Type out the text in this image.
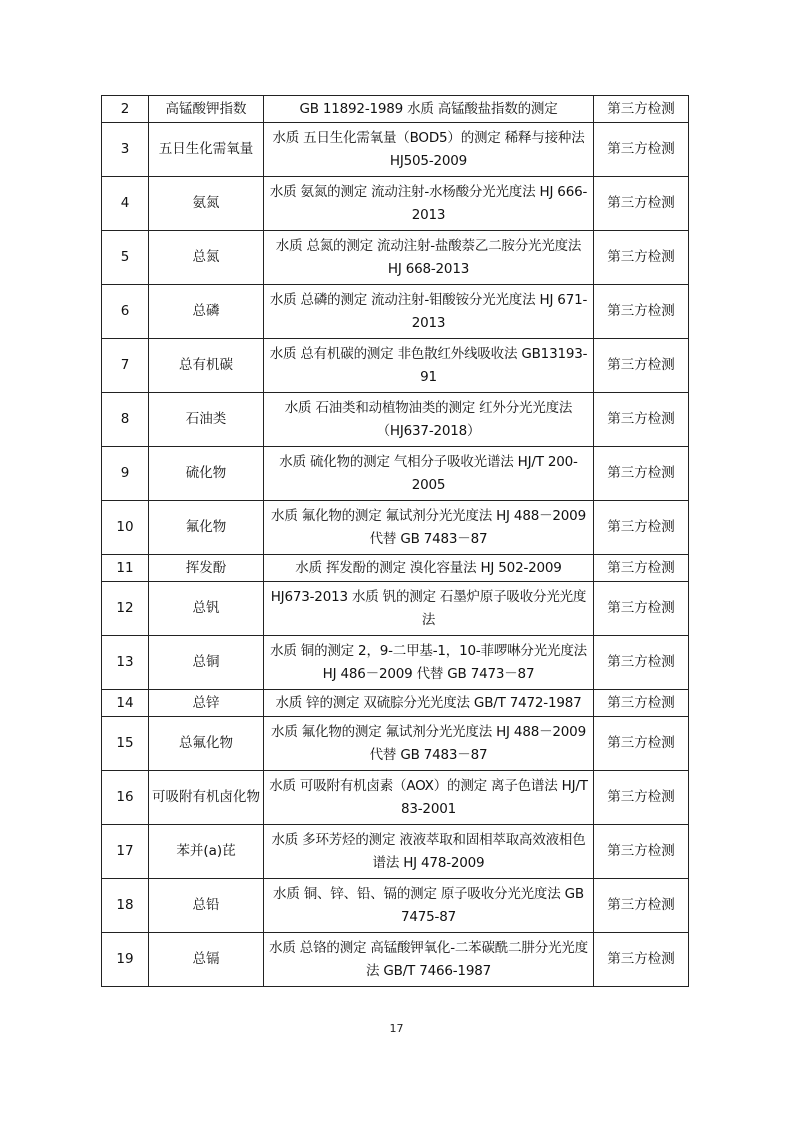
2	高锰酸钾指数	GB 11892-1989 水质 高锰酸盐指数的测定	第三方检测
3	五日生化需氧量	水质 五日生化需氧量（BOD5）的测定 稀释与接种法 HJ505-2009	第三方检测
4	氨氮	水质 氨氮的测定 流动注射-水杨酸分光光度法 HJ 666-2013	第三方检测
5	总氮	水质 总氮的测定 流动注射-盐酸萘乙二胺分光光度法 HJ 668-2013	第三方检测
6	总磷	水质 总磷的测定 流动注射-钼酸铵分光光度法 HJ 671-2013	第三方检测
7	总有机碳	水质 总有机碳的测定 非色散红外线吸收法 GB13193-91	第三方检测
8	石油类	水质 石油类和动植物油类的测定 红外分光光度法 （HJ637-2018）	第三方检测
9	硫化物	水质 硫化物的测定 气相分子吸收光谱法 HJ/T 200-2005	第三方检测
10	氟化物	水质 氟化物的测定 氟试剂分光光度法 HJ 488－2009 代替 GB 7483－87	第三方检测
11	挥发酚	水质 挥发酚的测定 溴化容量法 HJ 502-2009	第三方检测
12	总钒	HJ673-2013 水质 钒的测定 石墨炉原子吸收分光光度法	第三方检测
13	总铜	水质 铜的测定 2，9-二甲基-1，10-菲啰啉分光光度法 HJ 486－2009 代替 GB 7473－87	第三方检测
14	总锌	水质 锌的测定 双硫腙分光光度法 GB/T 7472-1987	第三方检测
15	总氟化物	水质 氟化物的测定 氟试剂分光光度法 HJ 488－2009 代替 GB 7483－87	第三方检测
16	可吸附有机卤化物	水质 可吸附有机卤素（AOX）的测定 离子色谱法 HJ/T 83-2001	第三方检测
17	苯并(a)芘	水质 多环芳烃的测定 液液萃取和固相萃取高效液相色谱法 HJ 478-2009	第三方检测
18	总铅	水质 铜、锌、铅、镉的测定 原子吸收分光光度法 GB 7475-87	第三方检测
19	总镉	水质 总铬的测定 高锰酸钾氧化-二苯碳酰二肼分光光度法 GB/T 7466-1987	第三方检测
17
